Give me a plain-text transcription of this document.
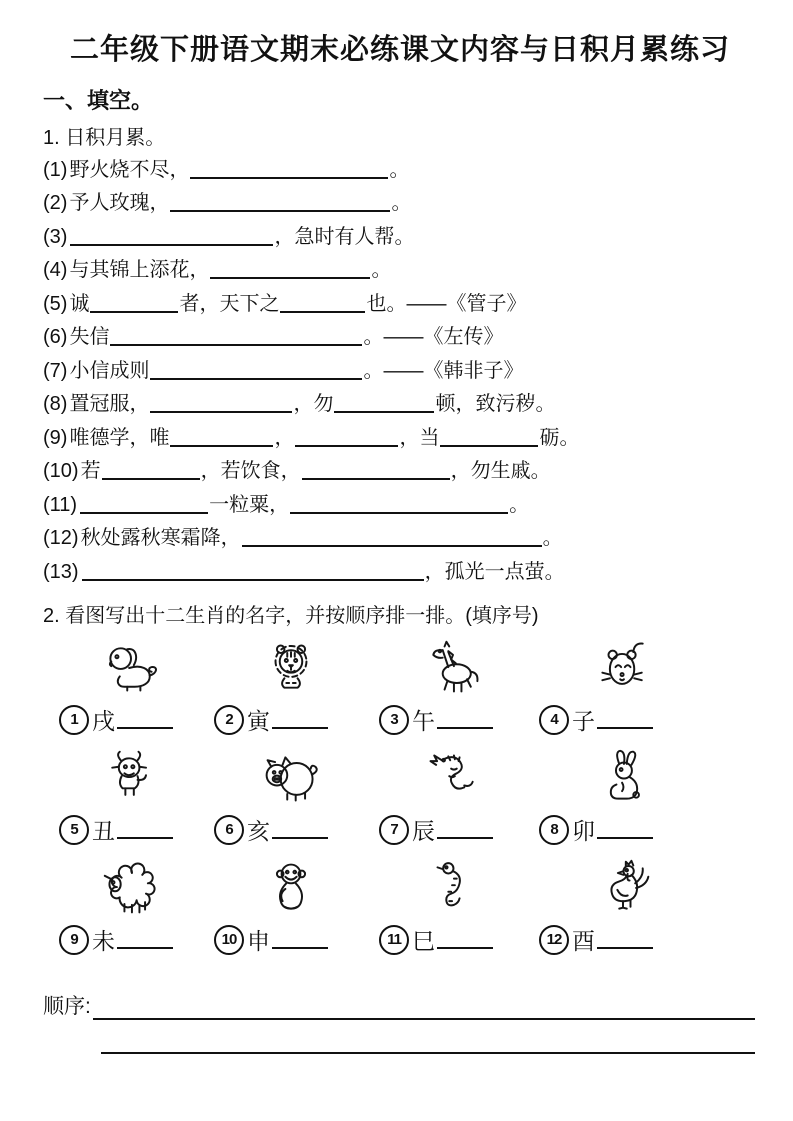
二年级下册语文期末必练课文内容与日积月累练习
一、填空。
1. 日积月累。
(1) 野火烧不尽，	。
(2) 予人玫瑰，	。
(3)	，急时有人帮。
(4) 与其锦上添花，	。
(5) 诚	者，天下之	也。——《管子》
(6) 失信	。——《左传》
(7) 小信成则	。——《韩非子》
(8) 置冠服，	，勿	顿，致污秽。
(9) 唯德学，唯	，	，当	砺。
(10) 若	，若饮食，	，勿生戚。
(11)	一粒粟，	。
(12) 秋处露秋寒霜降，	。
(13)	，孤光一点萤。
2. 看图写出十二生肖的名字，并按顺序排一排。(填序号)
1 戌	2 寅	3 午	4 子
5 丑	6 亥	7 辰	8 卯
9 未	10 申	11 巳	12 酉
顺序:
